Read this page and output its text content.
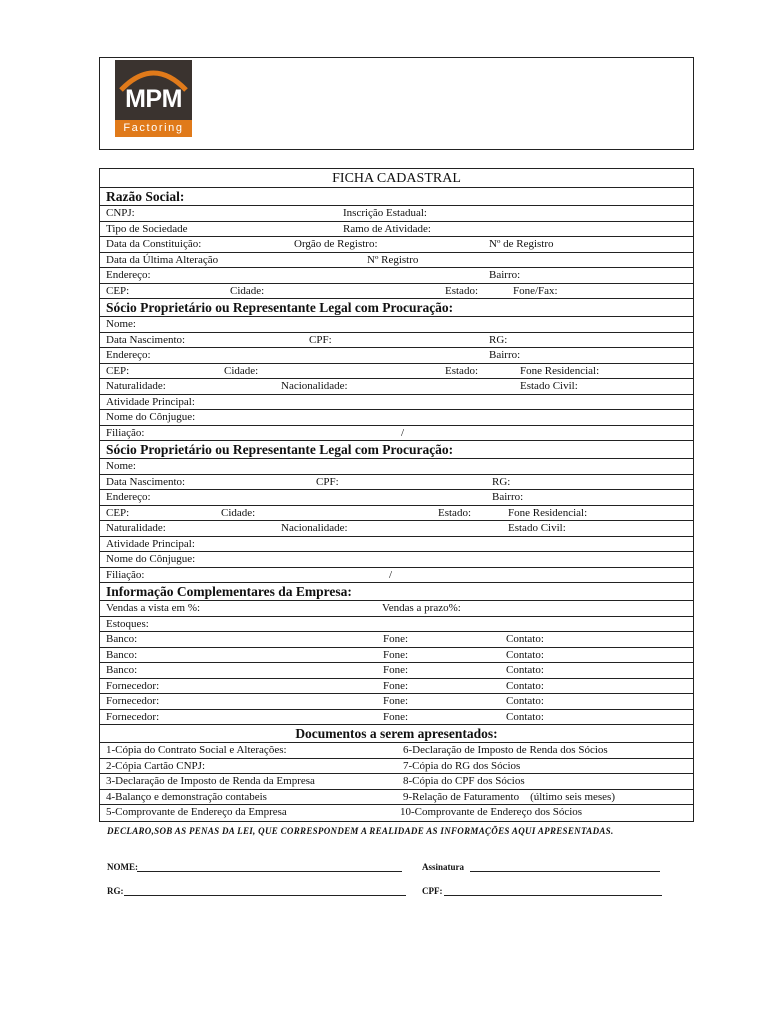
MPM
Factoring
FICHA CADASTRAL
Razão Social:
CNPJ:	Inscrição Estadual:
Tipo de Sociedade	Ramo de Atividade:
Data da Constituição:	Orgão de Registro:	Nº de Registro
Data da Última Alteração	Nº Registro
Endereço:	Bairro:
CEP:	Cidade:	Estado:	Fone/Fax:
Sócio Proprietário ou Representante Legal com Procuração:
Nome:
Data Nascimento:	CPF:	RG:
Endereço:	Bairro:
CEP:	Cidade:	Estado:	Fone Residencial:
Naturalidade:	Nacionalidade:	Estado Civil:
Atividade Principal:
Nome do Cônjugue:
Filiação:	/
Sócio Proprietário ou Representante Legal com Procuração:
Nome:
Data Nascimento:	CPF:	RG:
Endereço:	Bairro:
CEP:	Cidade:	Estado:	Fone Residencial:
Naturalidade:	Nacionalidade:	Estado Civil:
Atividade Principal:
Nome do Cônjugue:
Filiação:	/
Informação Complementares da Empresa:
Vendas a vista em %:	Vendas a prazo%:
Estoques:
Banco:	Fone:	Contato:
Banco:	Fone:	Contato:
Banco:	Fone:	Contato:
Fornecedor:	Fone:	Contato:
Fornecedor:	Fone:	Contato:
Fornecedor:	Fone:	Contato:
Documentos a serem apresentados:
1-Cópia do Contrato Social e Alterações:	6-Declaração de Imposto de Renda dos Sócios
2-Cópia Cartão CNPJ:	7-Cópia do RG dos Sócios
3-Declaração de Imposto de Renda da Empresa	8-Cópia do CPF dos Sócios
4-Balanço e demonstração contabeis	9-Relação de Faturamento    (último seis meses)
5-Comprovante de Endereço da Empresa	10-Comprovante de Endereço dos Sócios
DECLARO,SOB AS PENAS DA LEI, QUE CORRESPONDEM A REALIDADE AS INFORMAÇÕES AQUI APRESENTADAS.
NOME:	Assinatura
RG:	CPF:
